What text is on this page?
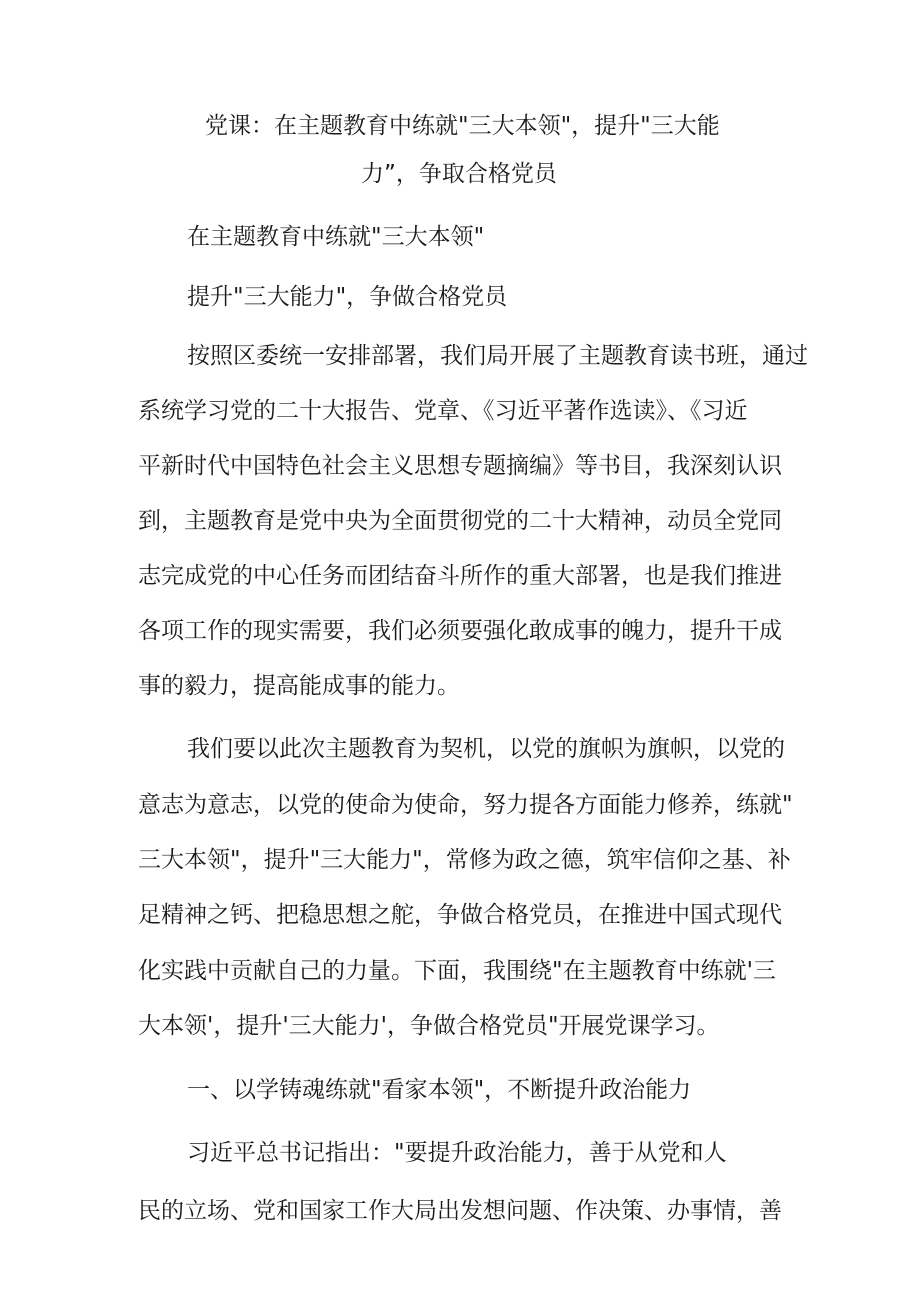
党课：在主题教育中练就"三大本领"，提升"三大能
力”，争取合格党员
在主题教育中练就"三大本领"
提升"三大能力"，争做合格党员
按照区委统一安排部署，我们局开展了主题教育读书班，通过
系统学习党的二十大报告、党章、《习近平著作选读》、《习近
平新时代中国特色社会主义思想专题摘编》等书目，我深刻认识
到，主题教育是党中央为全面贯彻党的二十大精神，动员全党同
志完成党的中心任务而团结奋斗所作的重大部署，也是我们推进
各项工作的现实需要，我们必须要强化敢成事的魄力，提升干成
事的毅力，提高能成事的能力。
我们要以此次主题教育为契机，以党的旗帜为旗帜，以党的
意志为意志，以党的使命为使命，努力提各方面能力修养，练就"
三大本领"，提升"三大能力"，常修为政之德，筑牢信仰之基、补
足精神之钙、把稳思想之舵，争做合格党员，在推进中国式现代
化实践中贡献自己的力量。下面，我围绕"在主题教育中练就'三
大本领'，提升'三大能力'，争做合格党员"开展党课学习。
一、以学铸魂练就"看家本领"，不断提升政治能力
习近平总书记指出："要提升政治能力，善于从党和人
民的立场、党和国家工作大局出发想问题、作决策、办事情，善
